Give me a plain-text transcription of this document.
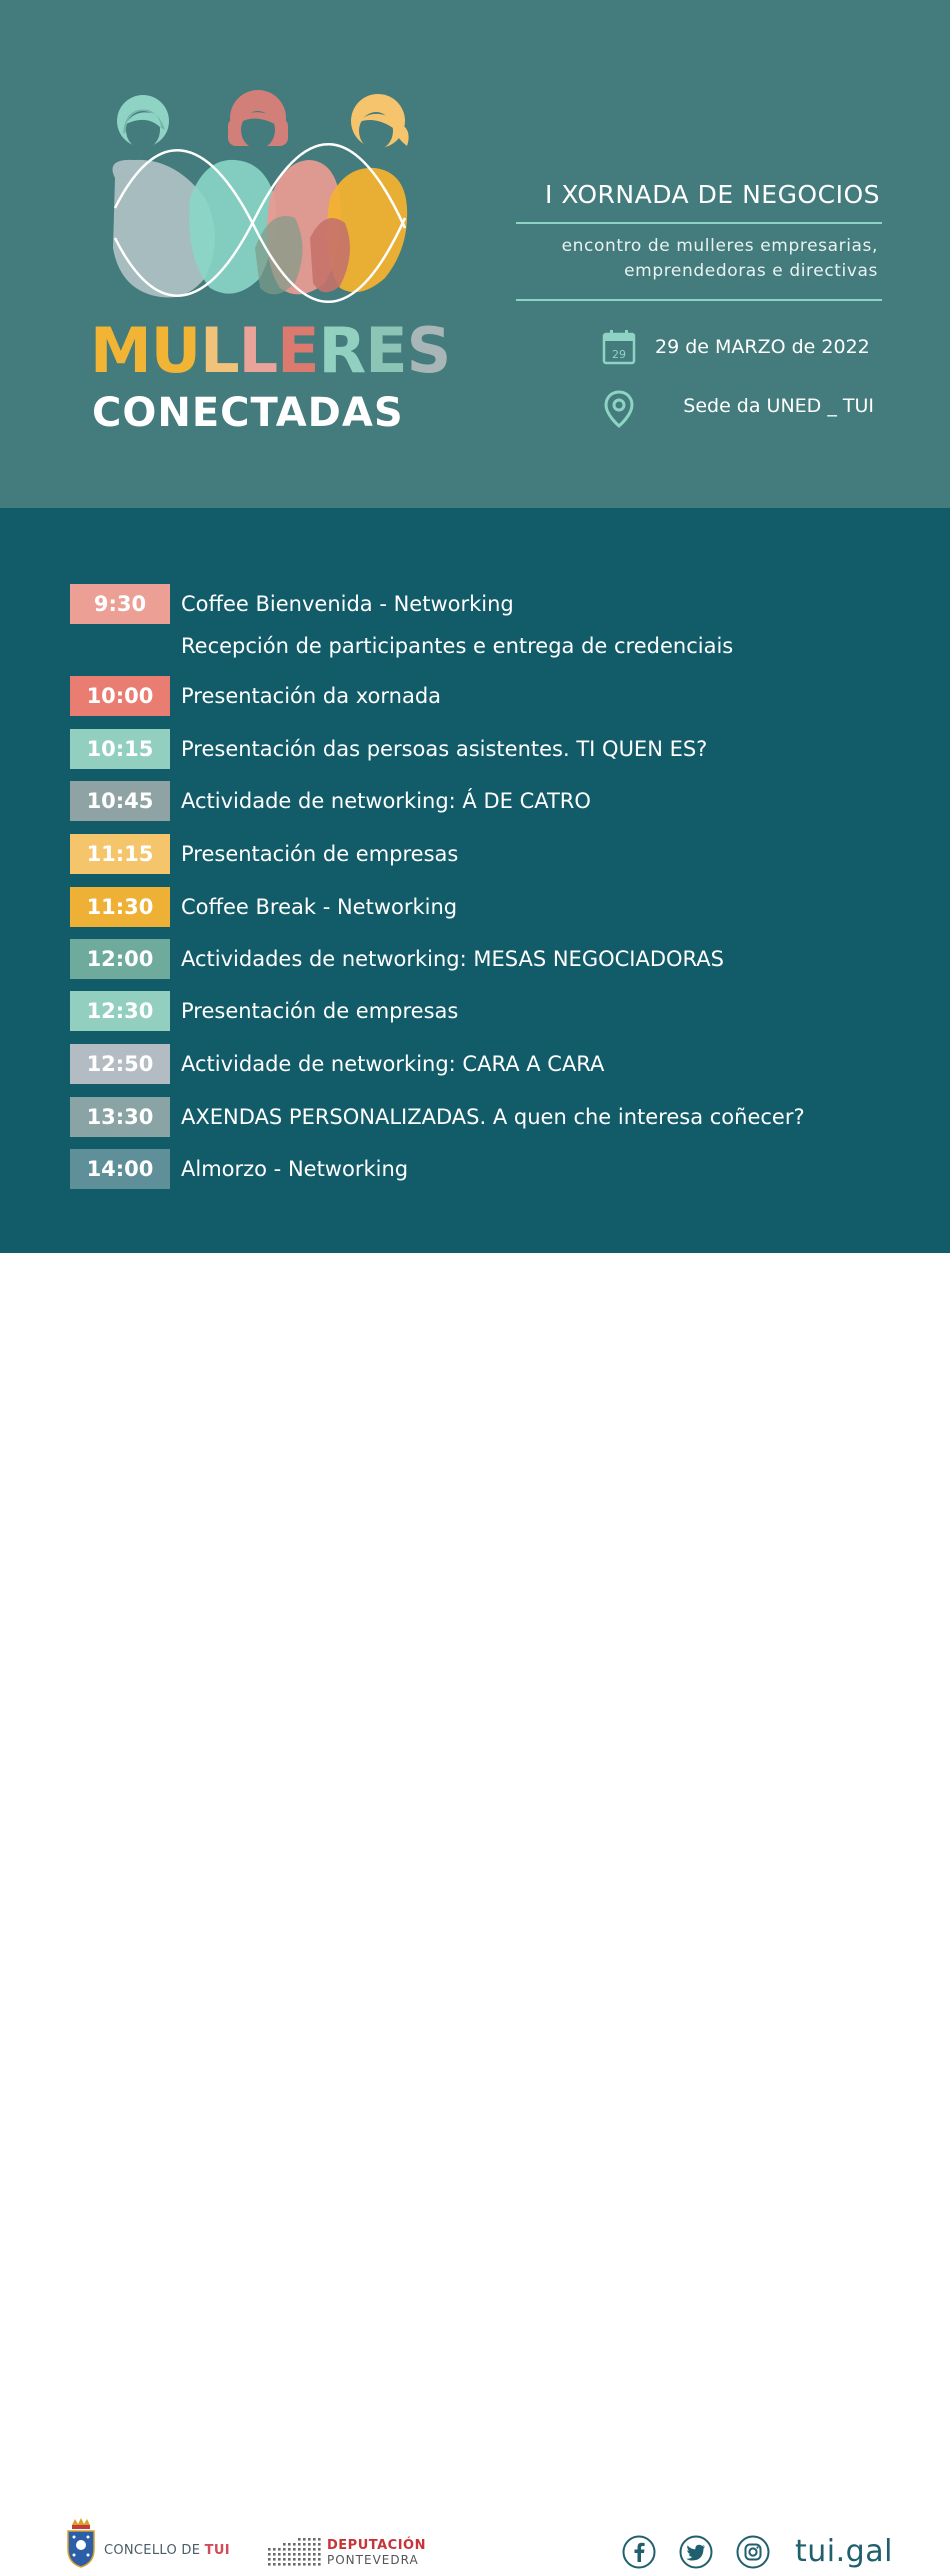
MULLERES
CONECTADAS
I XORNADA DE NEGOCIOS
encontro de mulleres empresarias,
emprendedoras e directivas
29 29 de MARZO de 2022
Sede da UNED _ TUI
9:30	Coffee Bienvenida - Networking
Recepción de participantes e entrega de credenciais
10:00	Presentación da xornada
10:15	Presentación das persoas asistentes. TI QUEN ES?
10:45	Actividade de networking: Á DE CATRO
11:15	Presentación de empresas
11:30	Coffee Break - Networking
12:00	Actividades de networking: MESAS NEGOCIADORAS
12:30	Presentación de empresas
12:50	Actividade de networking: CARA A CARA
13:30	AXENDAS PERSONALIZADAS. A quen che interesa coñecer?
14:00	Almorzo - Networking
CONCELLO DE TUI	DEPUTACIÓN
PONTEVEDRA	tui.gal
